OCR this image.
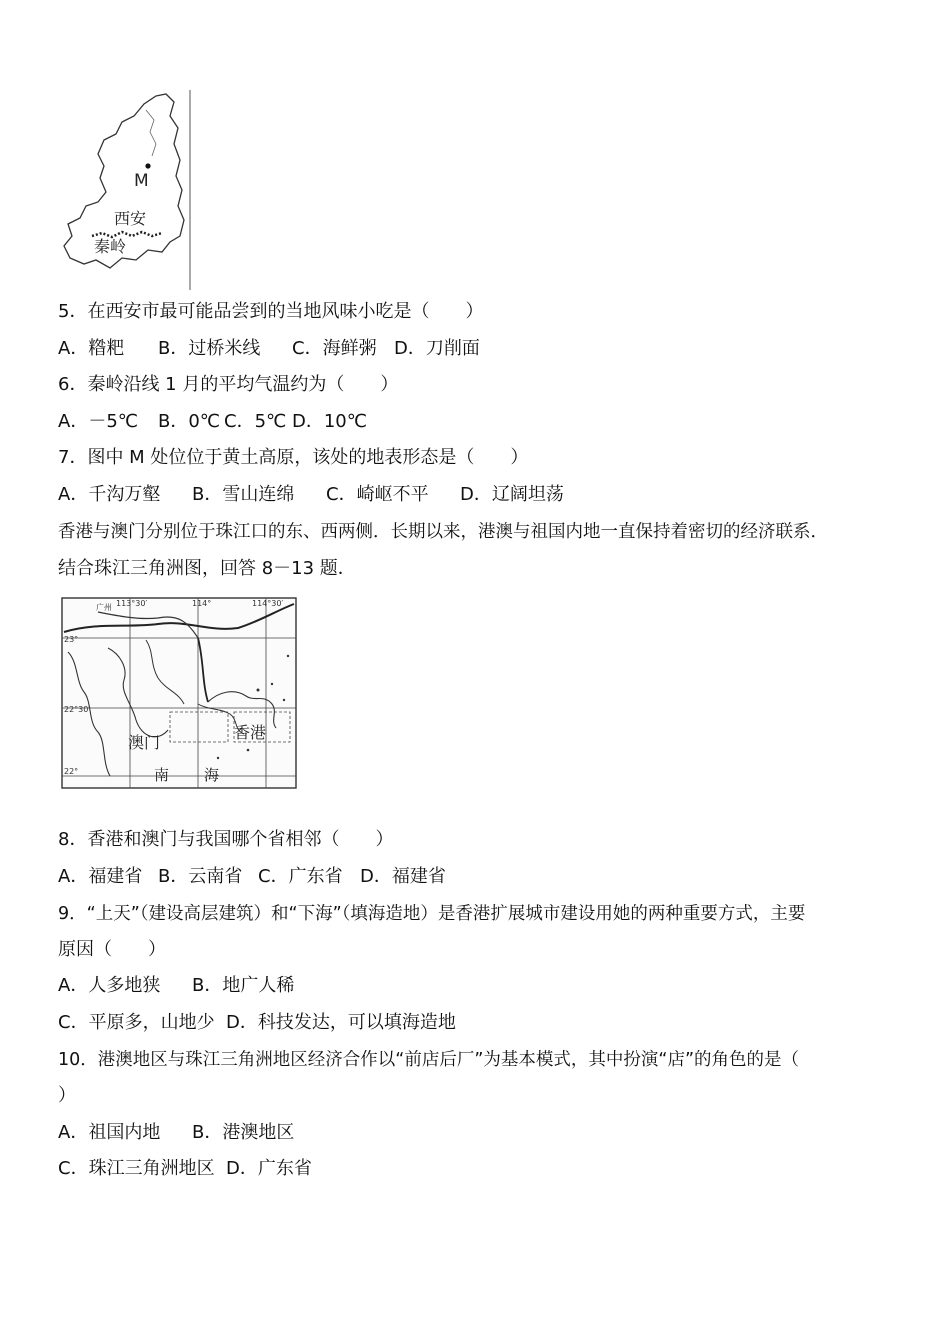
M
西安
秦岭
5．在西安市最可能品尝到的当地风味小吃是（　　）
A．糌粑 B．过桥米线 C．海鲜粥 D．刀削面
6．秦岭沿线 1 月的平均气温约为（　　）
A．－5℃ B．0℃ C．5℃ D．10℃
7．图中 M 处位位于黄土高原，该处的地表形态是（　　）
A．千沟万壑 B．雪山连绵 C．崎岖不平 D．辽阔坦荡
香港与澳门分别位于珠江口的东、西两侧．长期以来，港澳与祖国内地一直保持着密切的经济联系．
结合珠江三角洲图，回答 8－13 题．
113°30′	114°	114°30′
23°
22°30′
22°
广州
澳门
香港
南 海
8．香港和澳门与我国哪个省相邻（　　）
A．福建省 B．云南省 C．广东省 D．福建省
9．“上天”（建设高层建筑）和“下海”（填海造地）是香港扩展城市建设用她的两种重要方式，主要
原因（　　）
A．人多地狭 B．地广人稀
C．平原多，山地少 D．科技发达，可以填海造地
10．港澳地区与珠江三角洲地区经济合作以“前店后厂”为基本模式，其中扮演“店”的角色的是（
）
A．祖国内地 B．港澳地区
C．珠江三角洲地区 D．广东省
